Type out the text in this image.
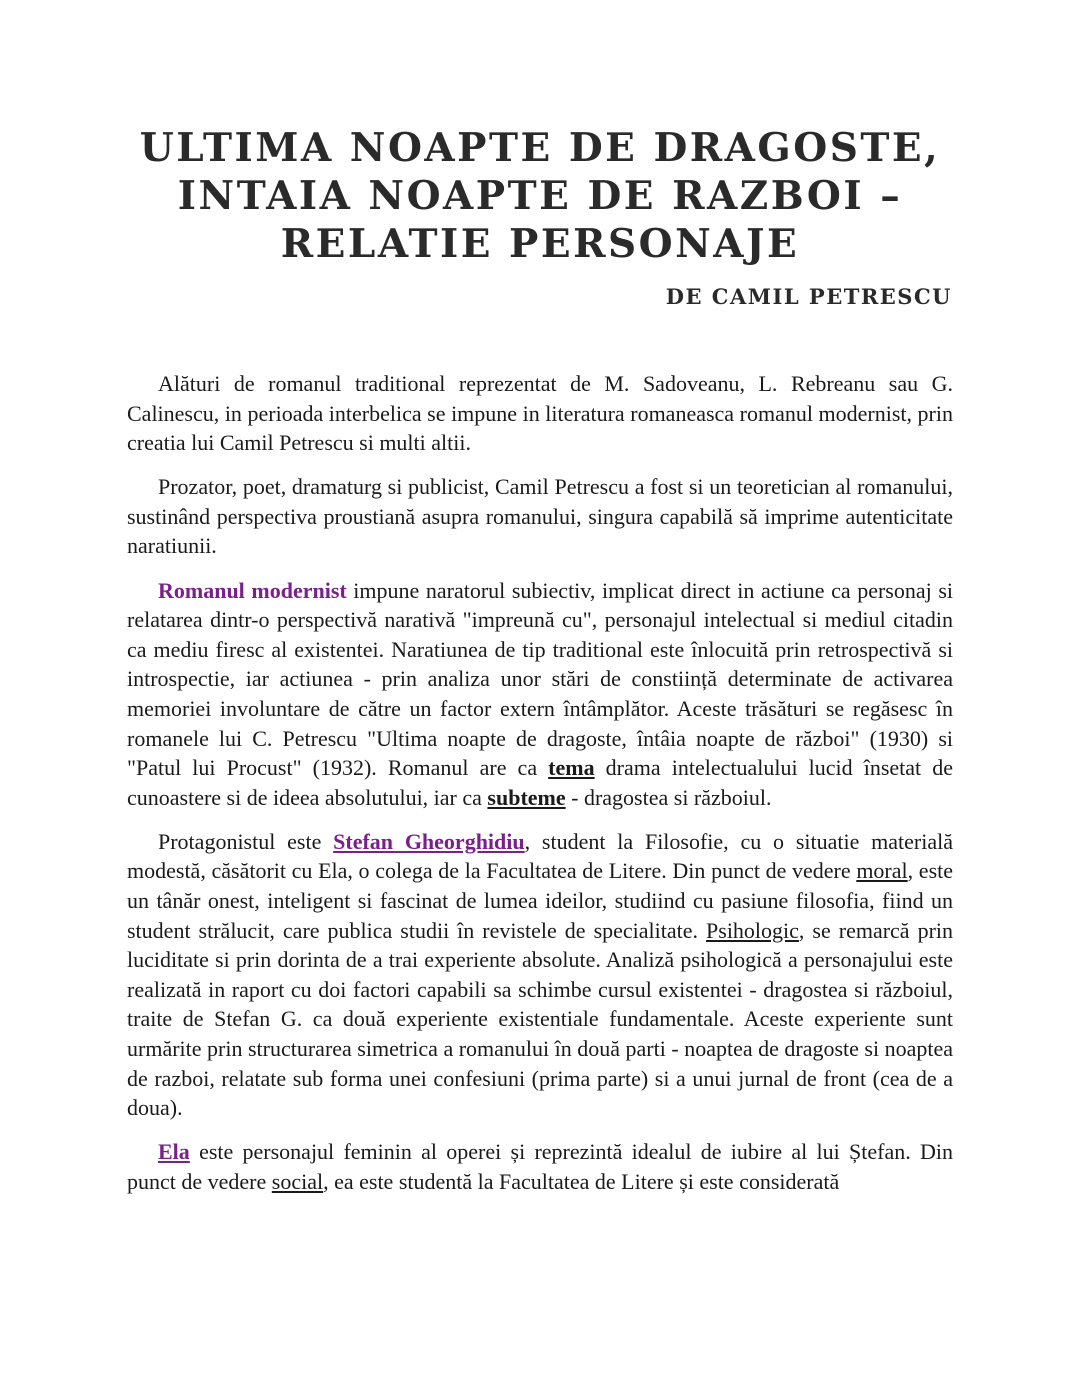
ULTIMA NOAPTE DE DRAGOSTE,
INTAIA NOAPTE DE RAZBOI –
RELATIE PERSONAJE
DE CAMIL PETRESCU

Alături de romanul traditional reprezentat de M. Sadoveanu, L. Rebreanu sau G. Calinescu, in perioada interbelica se impune in literatura romaneasca romanul modernist, prin creatia lui Camil Petrescu si multi altii.

Prozator, poet, dramaturg si publicist, Camil Petrescu a fost si un teoretician al romanului, sustinând perspectiva proustiană asupra romanului, singura capabilă să imprime autenticitate naratiunii.

Romanul modernist impune naratorul subiectiv, implicat direct in actiune ca personaj si relatarea dintr-o perspectivă narativă "impreună cu", personajul intelectual si mediul citadin ca mediu firesc al existentei. Naratiunea de tip traditional este înlocuită prin retrospectivă si introspectie, iar actiunea - prin analiza unor stări de constiință determinate de activarea memoriei involuntare de către un factor extern întâmplător. Aceste trăsături se regăsesc în romanele lui C. Petrescu "Ultima noapte de dragoste, întâia noapte de război" (1930) si "Patul lui Procust" (1932). Romanul are ca tema drama intelectualului lucid însetat de cunoastere si de ideea absolutului, iar ca subteme - dragostea si războiul.

Protagonistul este Stefan Gheorghidiu, student la Filosofie, cu o situatie materială modestă, căsătorit cu Ela, o colega de la Facultatea de Litere. Din punct de vedere moral, este un tânăr onest, inteligent si fascinat de lumea ideilor, studiind cu pasiune filosofia, fiind un student strălucit, care publica studii în revistele de specialitate. Psihologic, se remarcă prin luciditate si prin dorinta de a trai experiente absolute. Analiză psihologică a personajului este realizată in raport cu doi factori capabili sa schimbe cursul existentei - dragostea si războiul, traite de Stefan G. ca două experiente existentiale fundamentale. Aceste experiente sunt urmărite prin structurarea simetrica a romanului în două parti - noaptea de dragoste si noaptea de razboi, relatate sub forma unei confesiuni (prima parte) si a unui jurnal de front (cea de a doua).

Ela este personajul feminin al operei și reprezintă idealul de iubire al lui Ștefan. Din punct de vedere social, ea este studentă la Facultatea de Litere și este considerată
